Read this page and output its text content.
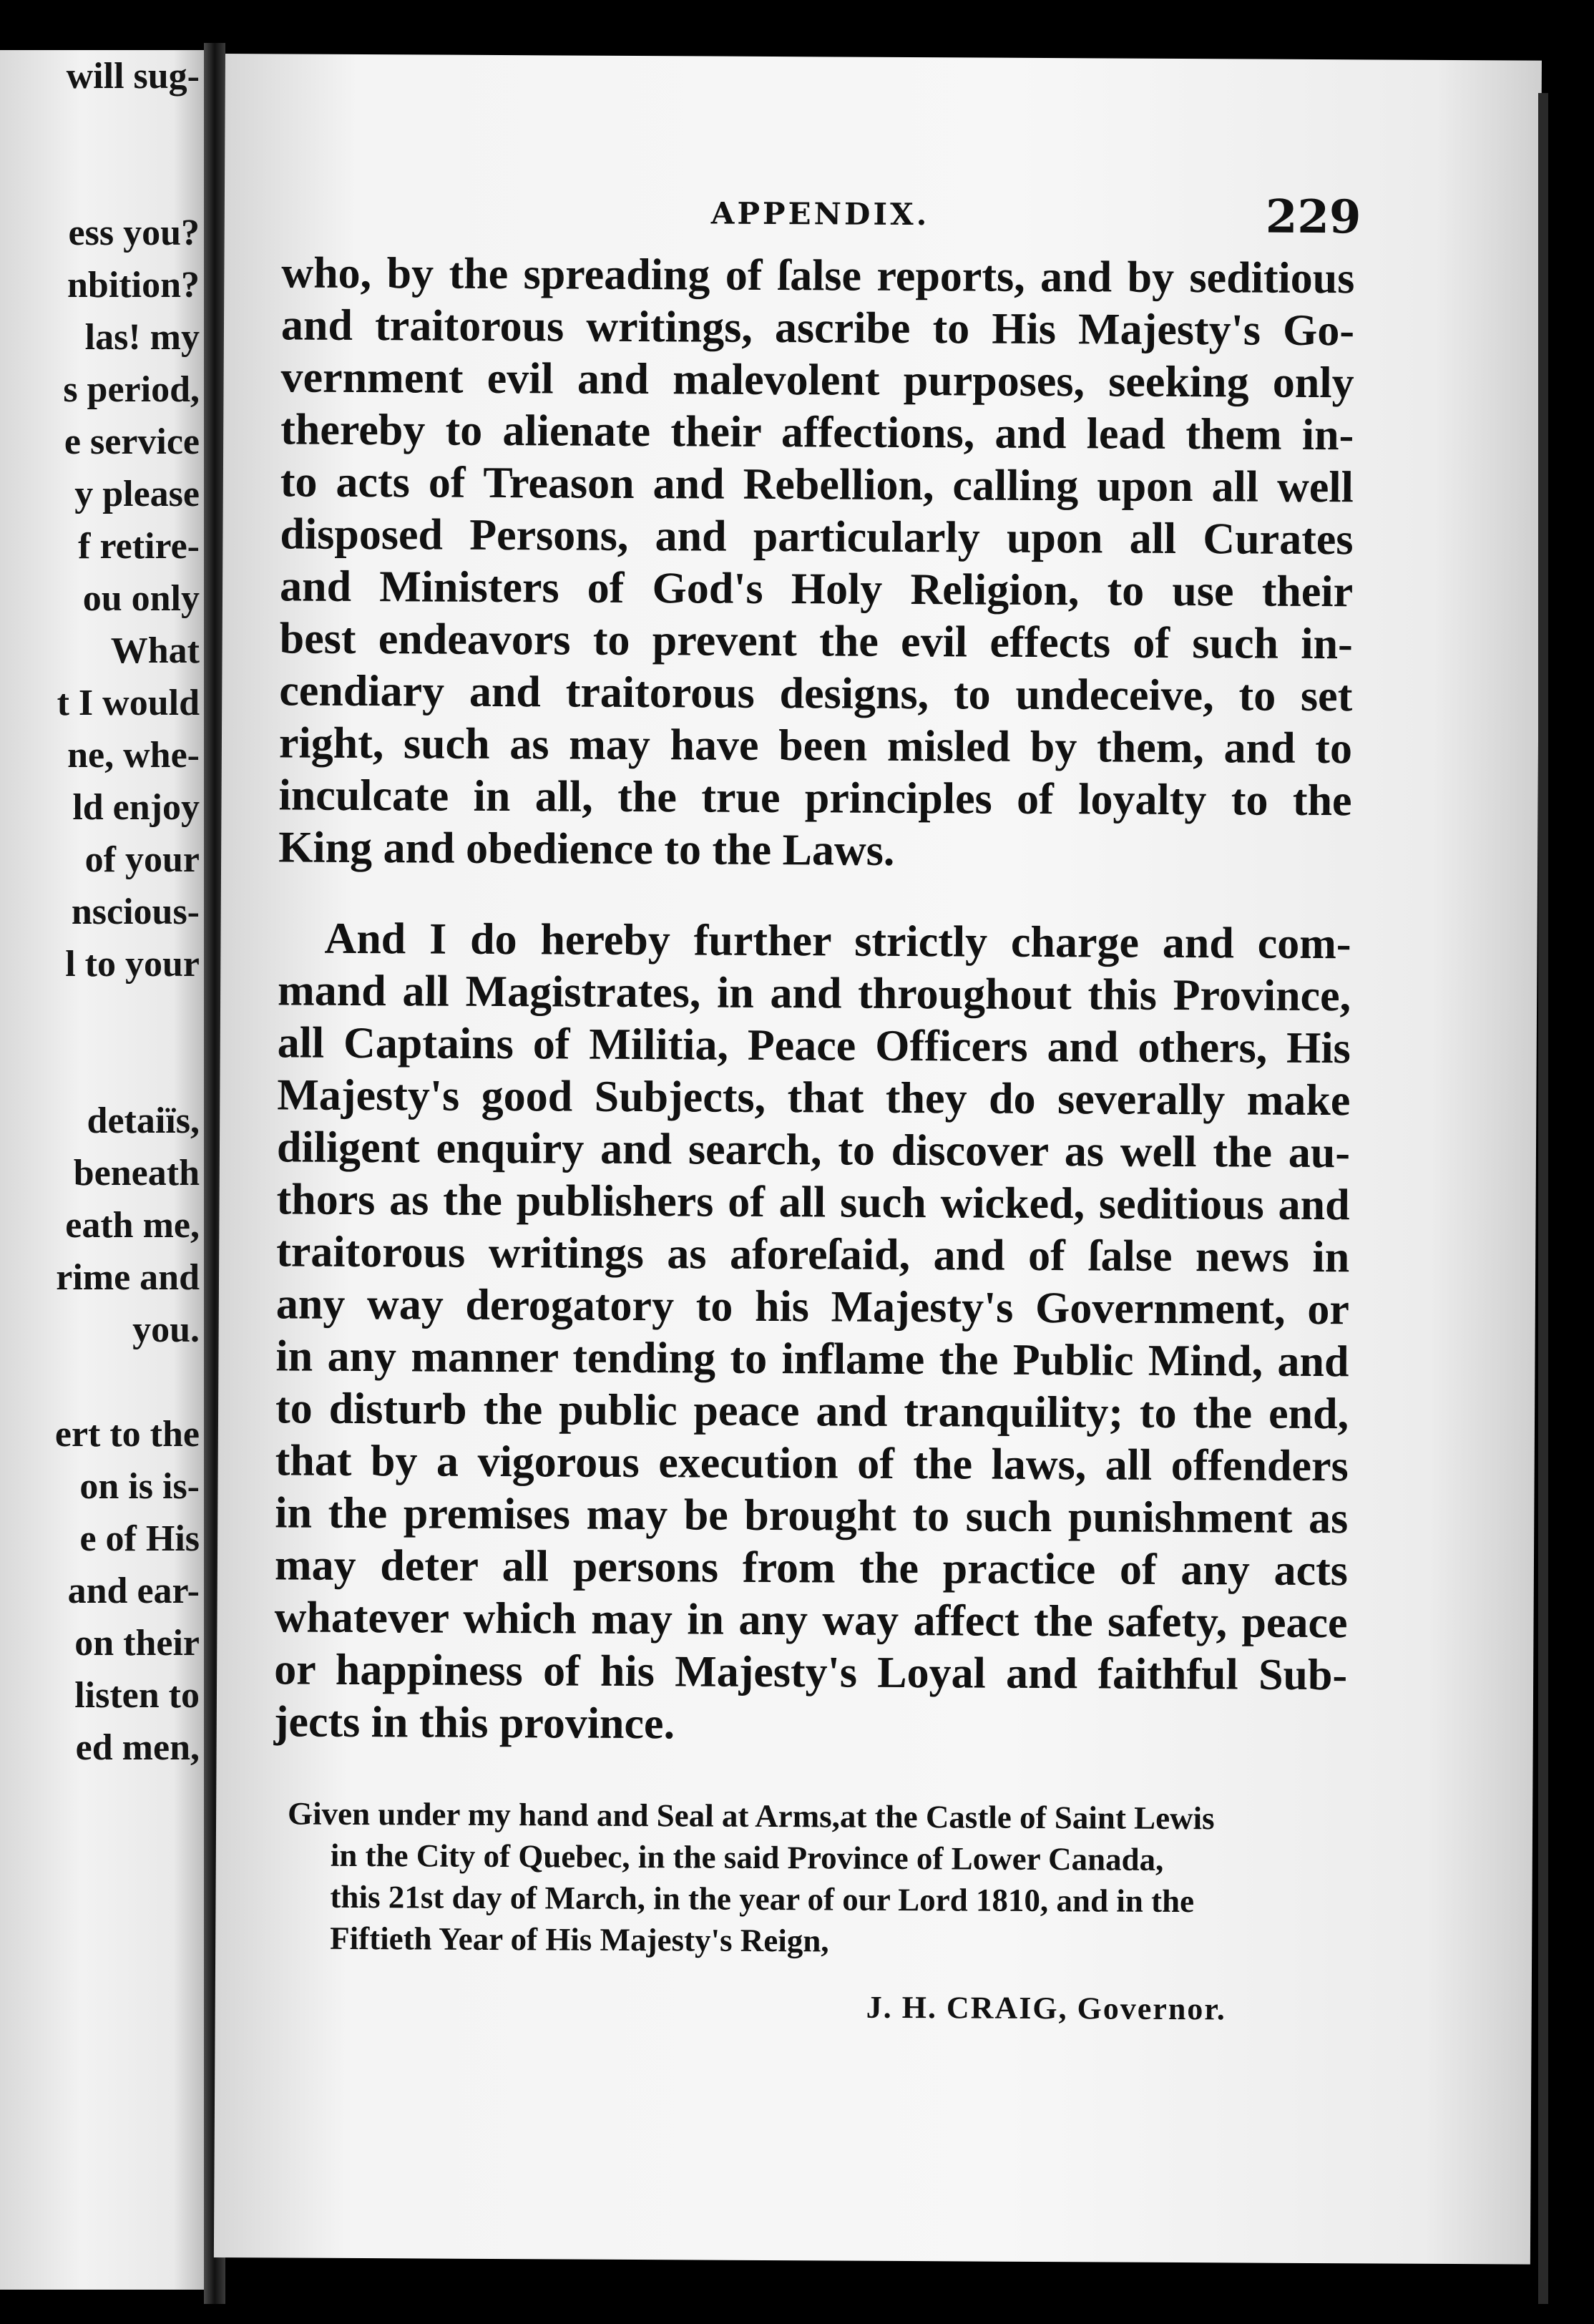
will sug-
ess you?
nbition?
las! my
s period,
e service
y please
f retire-
ou only
What
t I would
ne, whe-
ld enjoy
of your
nscious-
l to your
detaiïs,
beneath
eath me,
rime and
you.
ert to the
on is is-
e of His
and ear-
on their
listen to
ed men,
APPENDIX.	229
who, by the spreading of ſalse reports, and by seditious
and traitorous writings, ascribe to His Majesty's Go-
vernment evil and malevolent purposes, seeking only
thereby to alienate their affections, and lead them in-
to acts of Treason and Rebellion, calling upon all well
disposed Persons, and particularly upon all Curates
and Ministers of God's Holy Religion, to use their
best endeavors to prevent the evil effects of such in-
cendiary and traitorous designs, to undeceive, to set
right, such as may have been misled by them, and to
inculcate in all, the true principles of loyalty to the
King and obedience to the Laws.
And I do hereby further strictly charge and com-
mand all Magistrates, in and throughout this Province,
all Captains of Militia, Peace Officers and others, His
Majesty's good Subjects, that they do severally make
diligent enquiry and search, to discover as well the au-
thors as the publishers of all such wicked, seditious and
traitorous writings as aforeſaid, and of ſalse news in
any way derogatory to his Majesty's Government, or
in any manner tending to inflame the Public Mind, and
to disturb the public peace and tranquility; to the end,
that by a vigorous execution of the laws, all offenders
in the premises may be brought to such punishment as
may deter all persons from the practice of any acts
whatever which may in any way affect the safety, peace
or happiness of his Majesty's Loyal and faithful Sub-
jects in this province.
Given under my hand and Seal at Arms,at the Castle of Saint Lewis
in the City of Quebec, in the said Province of Lower Canada,
this 21st day of March, in the year of our Lord 1810, and in the
Fiftieth Year of His Majesty's Reign,
J. H. CRAIG, Governor.
